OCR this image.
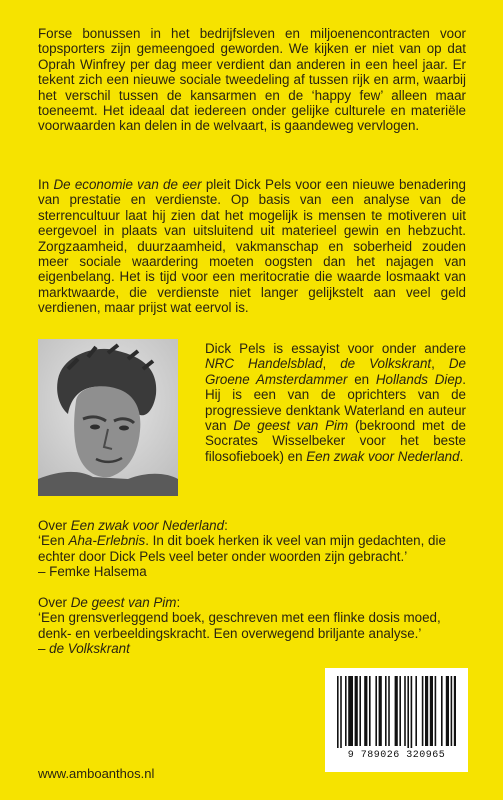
Forse bonussen in het bedrijfsleven en miljoenencontracten voor topsporters zijn gemeengoed geworden. We kijken er niet van op dat Oprah Winfrey per dag meer verdient dan anderen in een heel jaar. Er tekent zich een nieuwe sociale tweedeling af tussen rijk en arm, waarbij het verschil tussen de kansarmen en de ‘happy few’ alleen maar toeneemt. Het ideaal dat iedereen onder gelijke culturele en materiële voorwaarden kan delen in de welvaart, is gaandeweg vervlogen.

In De economie van de eer pleit Dick Pels voor een nieuwe benadering van prestatie en verdienste. Op basis van een analyse van de sterrencultuur laat hij zien dat het mogelijk is mensen te motiveren uit eergevoel in plaats van uitsluitend uit materieel gewin en hebzucht. Zorgzaamheid, duurzaamheid, vakmanschap en soberheid zouden meer sociale waardering moeten oogsten dan het najagen van eigenbelang. Het is tijd voor een meritocratie die waarde losmaakt van marktwaarde, die verdienste niet langer gelijkstelt aan veel geld verdienen, maar prijst wat eervol is.

Dick Pels is essayist voor onder andere NRC Handelsblad, de Volkskrant, De Groene Amsterdammer en Hollands Diep. Hij is een van de oprichters van de progressieve denktank Waterland en auteur van De geest van Pim (bekroond met de Socrates Wisselbeker voor het beste filosofieboek) en Een zwak voor Nederland.

Over Een zwak voor Nederland:

‘Een Aha-Erlebnis. In dit boek herken ik veel van mijn gedachten, die echter door Dick Pels veel beter onder woorden zijn gebracht.’

– Femke Halsema

Over De geest van Pim:

‘Een grensverleggend boek, geschreven met een flinke dosis moed, denk- en verbeeldingskracht. Een overwegend briljante analyse.’

– de Volkskrant

www.amboanthos.nl
9 789026 320965
